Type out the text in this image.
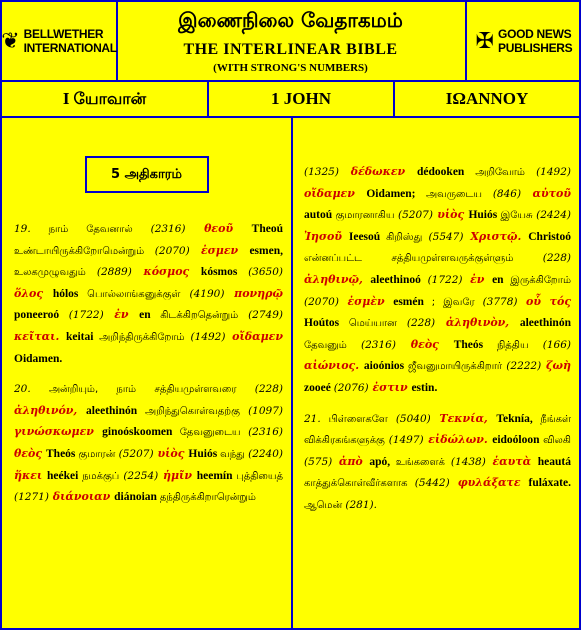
❦ BELLWETHER
INTERNATIONAL
இணைநிலை வேதாகமம்
THE INTERLINEAR BIBLE
(WITH STRONG'S NUMBERS)
✠ GOOD NEWS
PUBLISHERS
I யோவான்	1 JOHN	IΩANNOY
5 அதிகாரம்

19. நாம் தேவனால் (2316) θεοῦ Theoú உண்டாயிருக்கிறோமென்றும் (2070) ἐσμεν esmen, உலகமுழுவதும் (2889) κόσμος kósmos (3650) ὅλος hólos பொல்லாங்கனுக்குள் (4190) πονηρῷ poneeroó (1722) ἐν en கிடக்கிறதென்றும் (2749) κεῖται. keitai அறிந்திருக்கிறோம் (1492) οἴδαμεν Oidamen.

20. அன்றியும், நாம் சத்தியமுள்ளவரை (228) ἀληθινόν, aleethinón அறிந்துகொள்வதற்கு (1097) γινώσκωμεν ginoóskoomen தேவனுடைய (2316) θεὸς Theós குமாரன் (5207) υἱὸς Huiós வந்து (2240) ἥκει heékei நமக்குப் (2254) ἡμῖν heemín புத்தியைத் (1271) διάνοιαν diánoian தந்திருக்கிறாரென்றும்

(1325) δέδωκεν dédooken அறிவோம் (1492) οἴδαμεν Oidamen; அவருடைய (846) αὐτοῦ autoú குமாரனாகிய (5207) υἱὸς Huiós இயேசு (2424) Ἰησοῦ Ieesoú கிறிஸ்து (5547) Χριστῷ. Christoó என்னப்பட்ட சத்தியமுள்ளவருக்குள்ளும் (228) ἀληθινῷ, aleethinoó (1722) ἐν en இருக்கிறோம் (2070) ἐσμὲν esmén ; இவரே (3778) οὗ τός Hoútos மெய்யான (228) ἀληθινὸν, aleethinón தேவனும் (2316) θεὸς Theós நித்திய (166) αἰώνιος. aioónios ஜீவனுமாயிருக்கிறார் (2222) ζωὴ zooeé (2076) ἐστιν estin.

21. பிள்ளைகளே (5040) Τεκνία, Teknía, நீங்கள் விக்கிரகங்களுக்கு (1497) εἰδώλων. eidoóloon விலகி (575) ἀπὸ apó, உங்களைக் (1438) ἑαυτὰ heautá காத்துக்கொள்வீர்களாக (5442) φυλάξατε fuláxate. ஆமென் (281).
